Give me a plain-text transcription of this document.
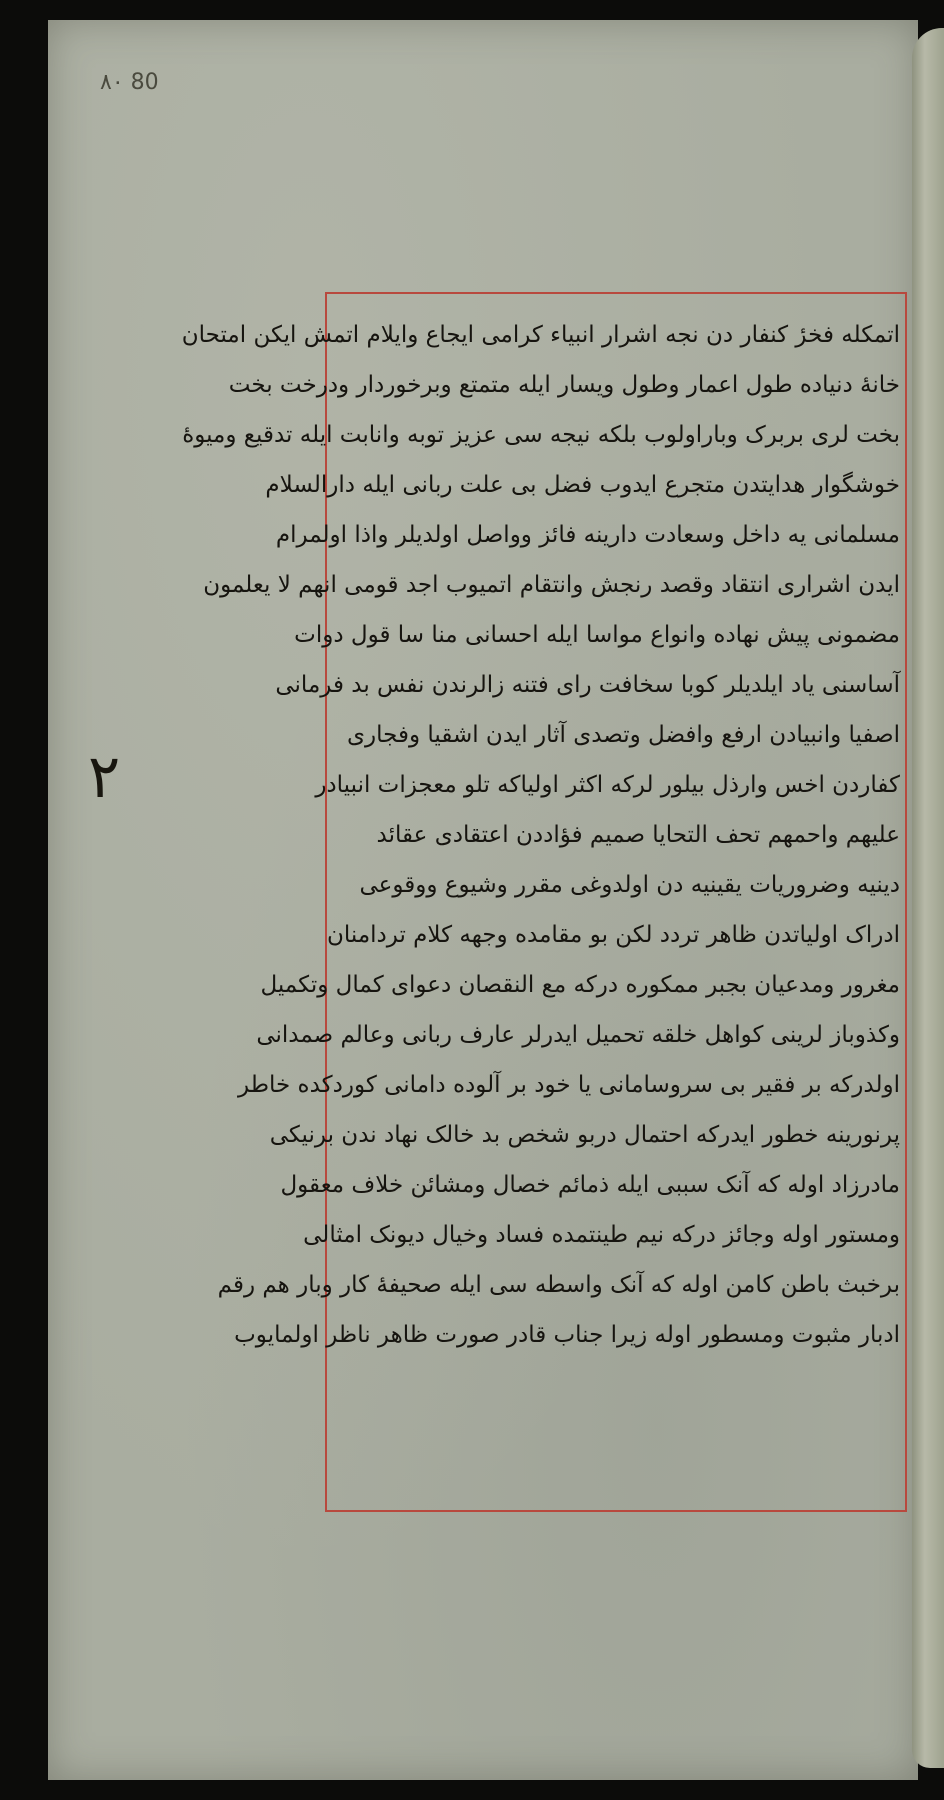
٨٠ 80
٢
اتمکله فخرٔ کنفار دن نجه اشرار انبیاء کرامی ایجاع وایلام اتمش ایکن امتحان
خانهٔ دنیاده طول اعمار وطول ویسار ایله متمتع وبرخوردار ودرخت بخت
بخت لری بربرک وباراولوب بلکه نیجه سی عزیز توبه وانابت ایله تدقیع ومیوهٔ
خوشگوار هدایتدن متجرع ایدوب فضل بی علت ربانی ایله دارالسلام
مسلمانی یه داخل وسعادت دارینه فائز وواصل اولدیلر واذا اولمرام
ایدن اشراری انتقاد وقصد رنجش وانتقام اتمیوب اجد قومی انهم لا یعلمون
مضمونی پیش نهاده وانواع مواسا ایله احسانی منا سا قول دوات
آساسنی یاد ایلدیلر کوبا سخافت رای فتنه زالرندن نفس بد فرمانی
اصفیا وانبیادن ارفع وافضل وتصدی آثار ایدن اشقیا وفجاری
کفاردن اخس وارذل بیلور لرکه اکثر اولیاکه تلو معجزات انبیادر
علیهم واحمهم تحف التحایا صمیم فؤاددن اعتقادی عقائد
دینیه وضروریات یقینیه دن اولدوغی مقرر وشیوع ووقوعی
ادراک اولیاتدن ظاهر تردد لکن بو مقامده وجهه کلام تردامنان
مغرور ومدعیان بجبر ممکوره درکه مع النقصان دعوای کمال وتکمیل
وکذوباز لرینی کواهل خلقه تحمیل ایدرلر عارف ربانی وعالم صمدانی
اولدرکه بر فقیر بی سروسامانی یا خود بر آلوده دامانی کوردکده خاطر
پرنورینه خطور ایدرکه احتمال دربو شخص بد خالک نهاد ندن برنیکی
مادرزاد اوله که آنک سببی ایله ذمائم خصال ومشائن خلاف معقول
ومستور اوله وجائز درکه نیم طینتمده فساد وخیال دیونک امثالی
برخبث باطن کامن اوله که آنک واسطه سی ایله صحیفهٔ کار وبار هم رقم
ادبار مثبوت ومسطور اوله زیرا جناب قادر صورت ظاهر ناظر اولمایوب
